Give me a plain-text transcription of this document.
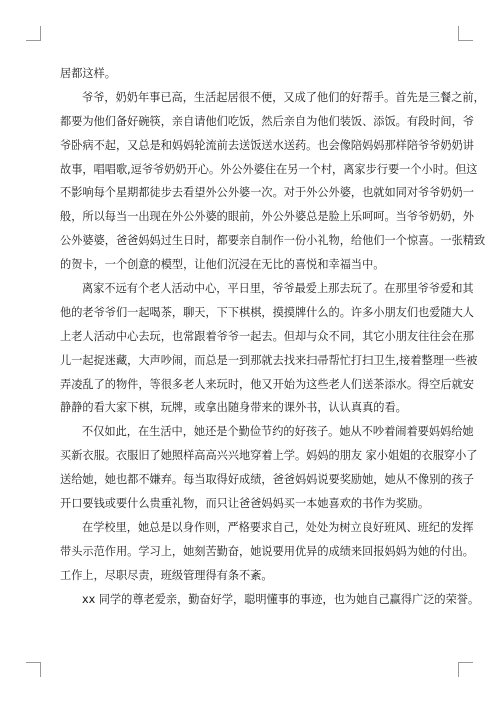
居都这样。
爷爷，奶奶年事已高，生活起居很不便，又成了他们的好帮手。首先是三餐之前，
都要为他们备好碗筷，亲自请他们吃饭，然后亲自为他们装饭、添饭。有段时间，爷
爷卧病不起，又总是和妈妈轮流前去送饭送水送药。也会像陪妈妈那样陪爷爷奶奶讲
故事，唱唱歌,逗爷爷奶奶开心。外公外婆住在另一个村，离家步行要一个小时。但这
不影响每个星期都徒步去看望外公外婆一次。对于外公外婆，也就如同对爷爷奶奶一
般，所以每当一出现在外公外婆的眼前，外公外婆总是脸上乐呵呵。当爷爷奶奶，外
公外婆婆，爸爸妈妈过生日时，都要亲自制作一份小礼物，给他们一个惊喜。一张精致
的贺卡，一个创意的模型，让他们沉浸在无比的喜悦和幸福当中。
离家不远有个老人活动中心，平日里，爷爷最爱上那去玩了。在那里爷爷爱和其
他的老爷爷们一起喝茶，聊天，下下棋棋，摸摸牌什么的。许多小朋友们也爱随大人
上老人活动中心去玩，也常跟着爷爷一起去。但却与众不同，其它小朋友往往会在那
儿一起捉迷藏，大声吵闹，而总是一到那就去找来扫帚帮忙打扫卫生,接着整理一些被
弄凌乱了的物件，等很多老人来玩时，他又开始为这些老人们送茶添水。得空后就安
静静的看大家下棋，玩牌，或拿出随身带来的课外书，认认真真的看。
不仅如此，在生活中，她还是个勤俭节约的好孩子。她从不吵着闹着要妈妈给她
买新衣服。衣服旧了她照样高高兴兴地穿着上学。妈妈的朋友 家小姐姐的衣服穿小了
送给她，她也都不嫌弃。每当取得好成绩，爸爸妈妈说要奖励她，她从不像别的孩子
开口要钱或要什么贵重礼物，而只让爸爸妈妈买一本她喜欢的书作为奖励。
在学校里，她总是以身作则，严格要求自己，处处为树立良好班风、班纪的发挥
带头示范作用。学习上，她刻苦勤奋，她说要用优异的成绩来回报妈妈为她的付出。
工作上，尽职尽责，班级管理得有条不紊。
xx 同学的尊老爱亲，勤奋好学，聪明懂事的事迹，也为她自己赢得广泛的荣誉。
